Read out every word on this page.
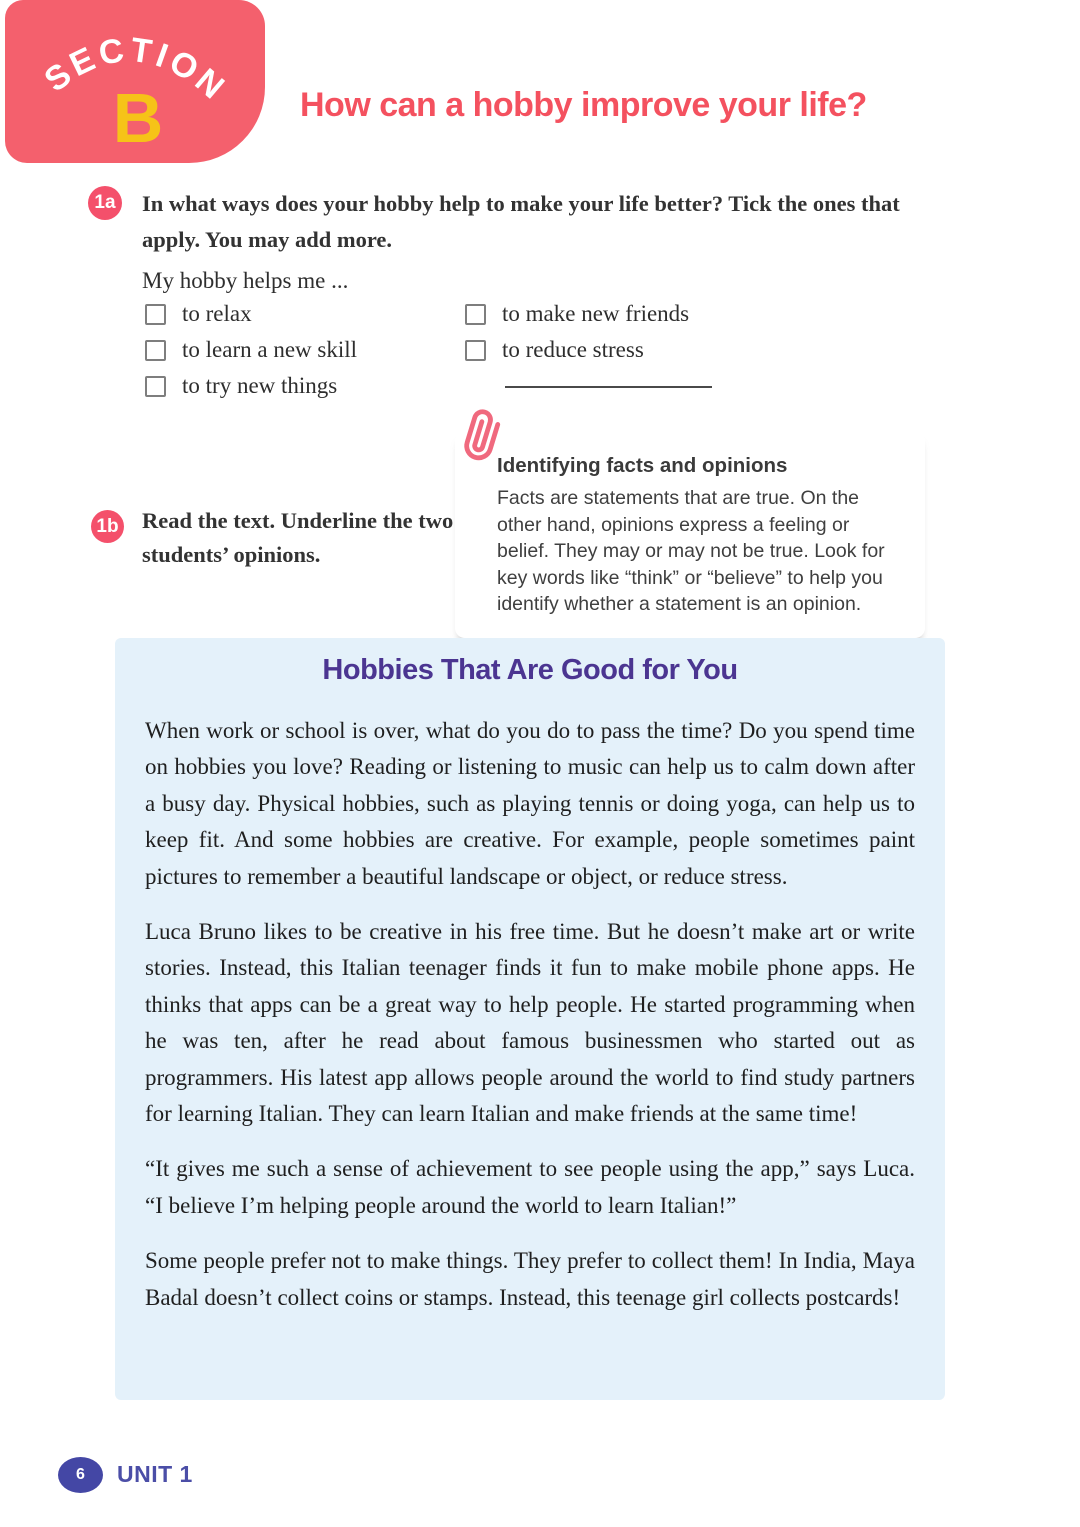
SECTION
B	How can a hobby improve your life?
1a In what ways does your hobby help to make your life better? Tick the ones that apply. You may add more.
My hobby helps me ...
to relax
to learn a new skill
to try new things
to make new friends
to reduce stress
Identifying facts and opinions
Facts are statements that are true. On the other hand, opinions express a feeling or belief. They may or may not be true. Look for key words like “think” or “believe” to help you identify whether a statement is an opinion.
1b Read the text. Underline the two students’ opinions.
Hobbies That Are Good for You

When work or school is over, what do you do to pass the time? Do you spend time on hobbies you love? Reading or listening to music can help us to calm down after a busy day. Physical hobbies, such as playing tennis or doing yoga, can help us to keep fit. And some hobbies are creative. For example, people sometimes paint pictures to remember a beautiful landscape or object, or reduce stress.

Luca Bruno likes to be creative in his free time. But he doesn’t make art or write stories. Instead, this Italian teenager finds it fun to make mobile phone apps. He thinks that apps can be a great way to help people. He started programming when he was ten, after he read about famous businessmen who started out as programmers. His latest app allows people around the world to find study partners for learning Italian. They can learn Italian and make friends at the same time!

“It gives me such a sense of achievement to see people using the app,” says Luca. “I believe I’m helping people around the world to learn Italian!”

Some people prefer not to make things. They prefer to collect them! In India, Maya Badal doesn’t collect coins or stamps. Instead, this teenage girl collects postcards!

6	UNIT 1
